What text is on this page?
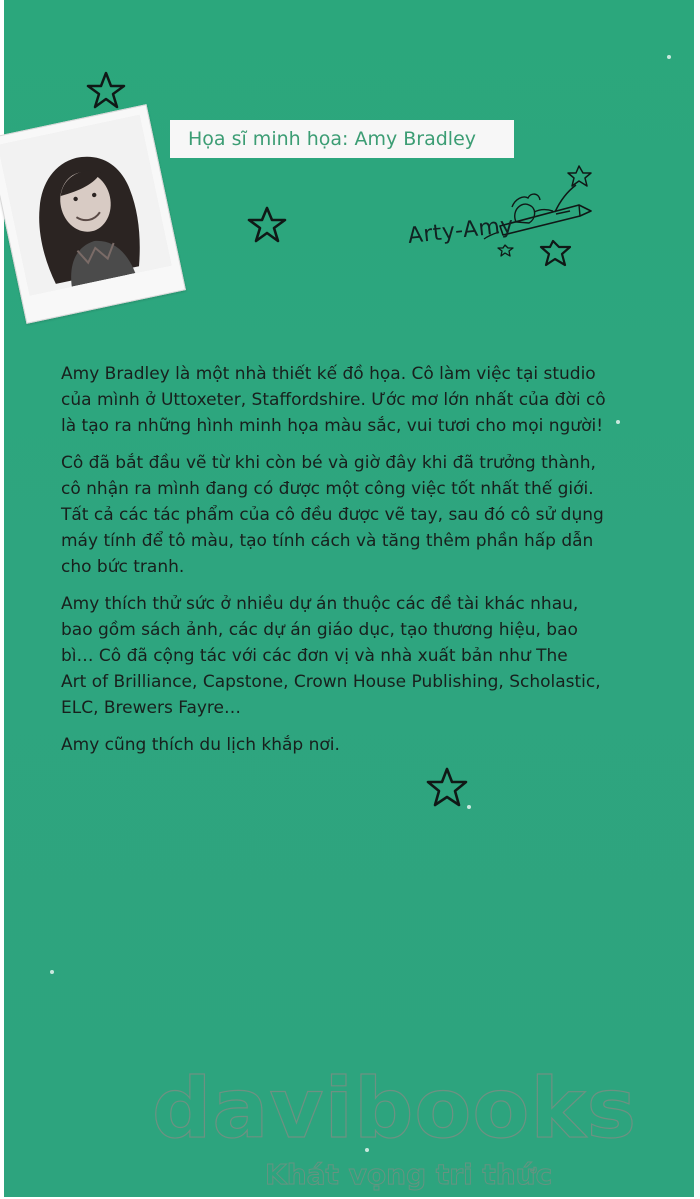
Họa sĩ minh họa: Amy Bradley
Arty-Amy

Amy Bradley là một nhà thiết kế đồ họa. Cô làm việc tại studio
của mình ở Uttoxeter, Staffordshire. Ước mơ lớn nhất của đời cô
là tạo ra những hình minh họa màu sắc, vui tươi cho mọi người!

Cô đã bắt đầu vẽ từ khi còn bé và giờ đây khi đã trưởng thành,
cô nhận ra mình đang có được một công việc tốt nhất thế giới.
Tất cả các tác phẩm của cô đều được vẽ tay, sau đó cô sử dụng
máy tính để tô màu, tạo tính cách và tăng thêm phần hấp dẫn
cho bức tranh.

Amy thích thử sức ở nhiều dự án thuộc các đề tài khác nhau,
bao gồm sách ảnh, các dự án giáo dục, tạo thương hiệu, bao
bì… Cô đã cộng tác với các đơn vị và nhà xuất bản như The
Art of Brilliance, Capstone, Crown House Publishing, Scholastic,
ELC, Brewers Fayre…

Amy cũng thích du lịch khắp nơi.

davibooks
Khát vọng tri thức
